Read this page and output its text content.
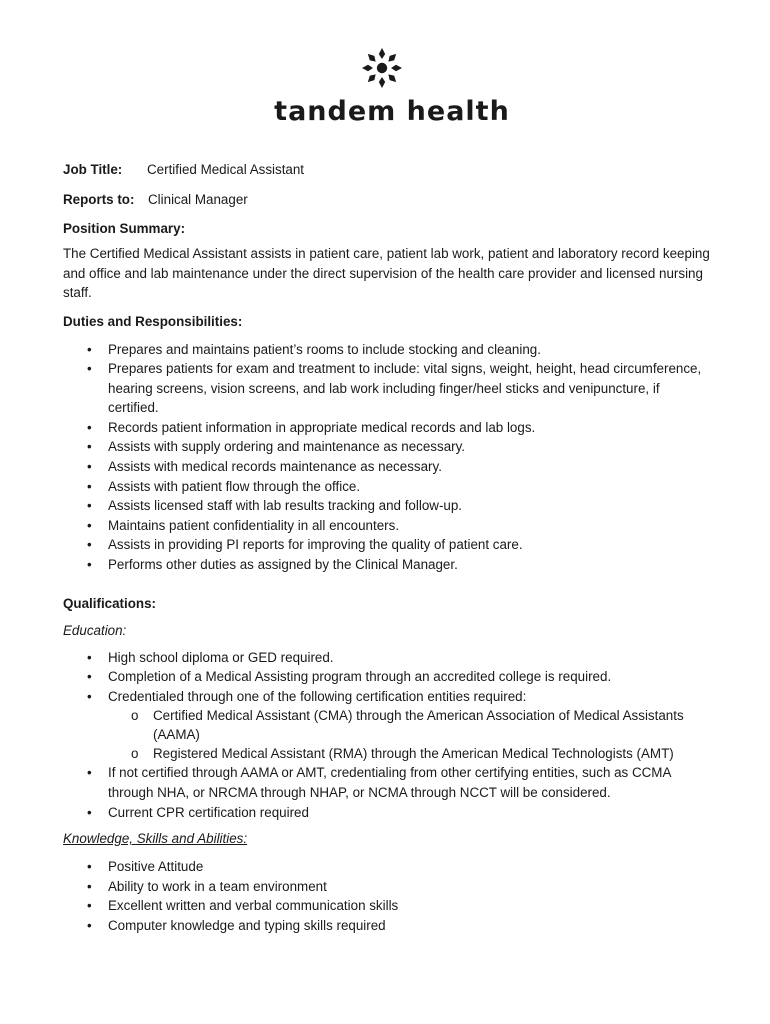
tandem health
Job Title: Certified Medical Assistant
Reports to: Clinical Manager
Position Summary:
The Certified Medical Assistant assists in patient care, patient lab work, patient and laboratory record keeping and office and lab maintenance under the direct supervision of the health care provider and licensed nursing staff.
Duties and Responsibilities:
• Prepares and maintains patient’s rooms to include stocking and cleaning.
• Prepares patients for exam and treatment to include: vital signs, weight, height, head circumference, hearing screens, vision screens, and lab work including finger/heel sticks and venipuncture, if certified.
• Records patient information in appropriate medical records and lab logs.
• Assists with supply ordering and maintenance as necessary.
• Assists with medical records maintenance as necessary.
• Assists with patient flow through the office.
• Assists licensed staff with lab results tracking and follow-up.
• Maintains patient confidentiality in all encounters.
• Assists in providing PI reports for improving the quality of patient care.
• Performs other duties as assigned by the Clinical Manager.
Qualifications:
Education:
• High school diploma or GED required.
• Completion of a Medical Assisting program through an accredited college is required.
• Credentialed through one of the following certification entities required:
o Certified Medical Assistant (CMA) through the American Association of Medical Assistants (AAMA)
o Registered Medical Assistant (RMA) through the American Medical Technologists (AMT)
• If not certified through AAMA or AMT, credentialing from other certifying entities, such as CCMA through NHA, or NRCMA through NHAP, or NCMA through NCCT will be considered.
• Current CPR certification required
Knowledge, Skills and Abilities:
• Positive Attitude
• Ability to work in a team environment
• Excellent written and verbal communication skills
• Computer knowledge and typing skills required
